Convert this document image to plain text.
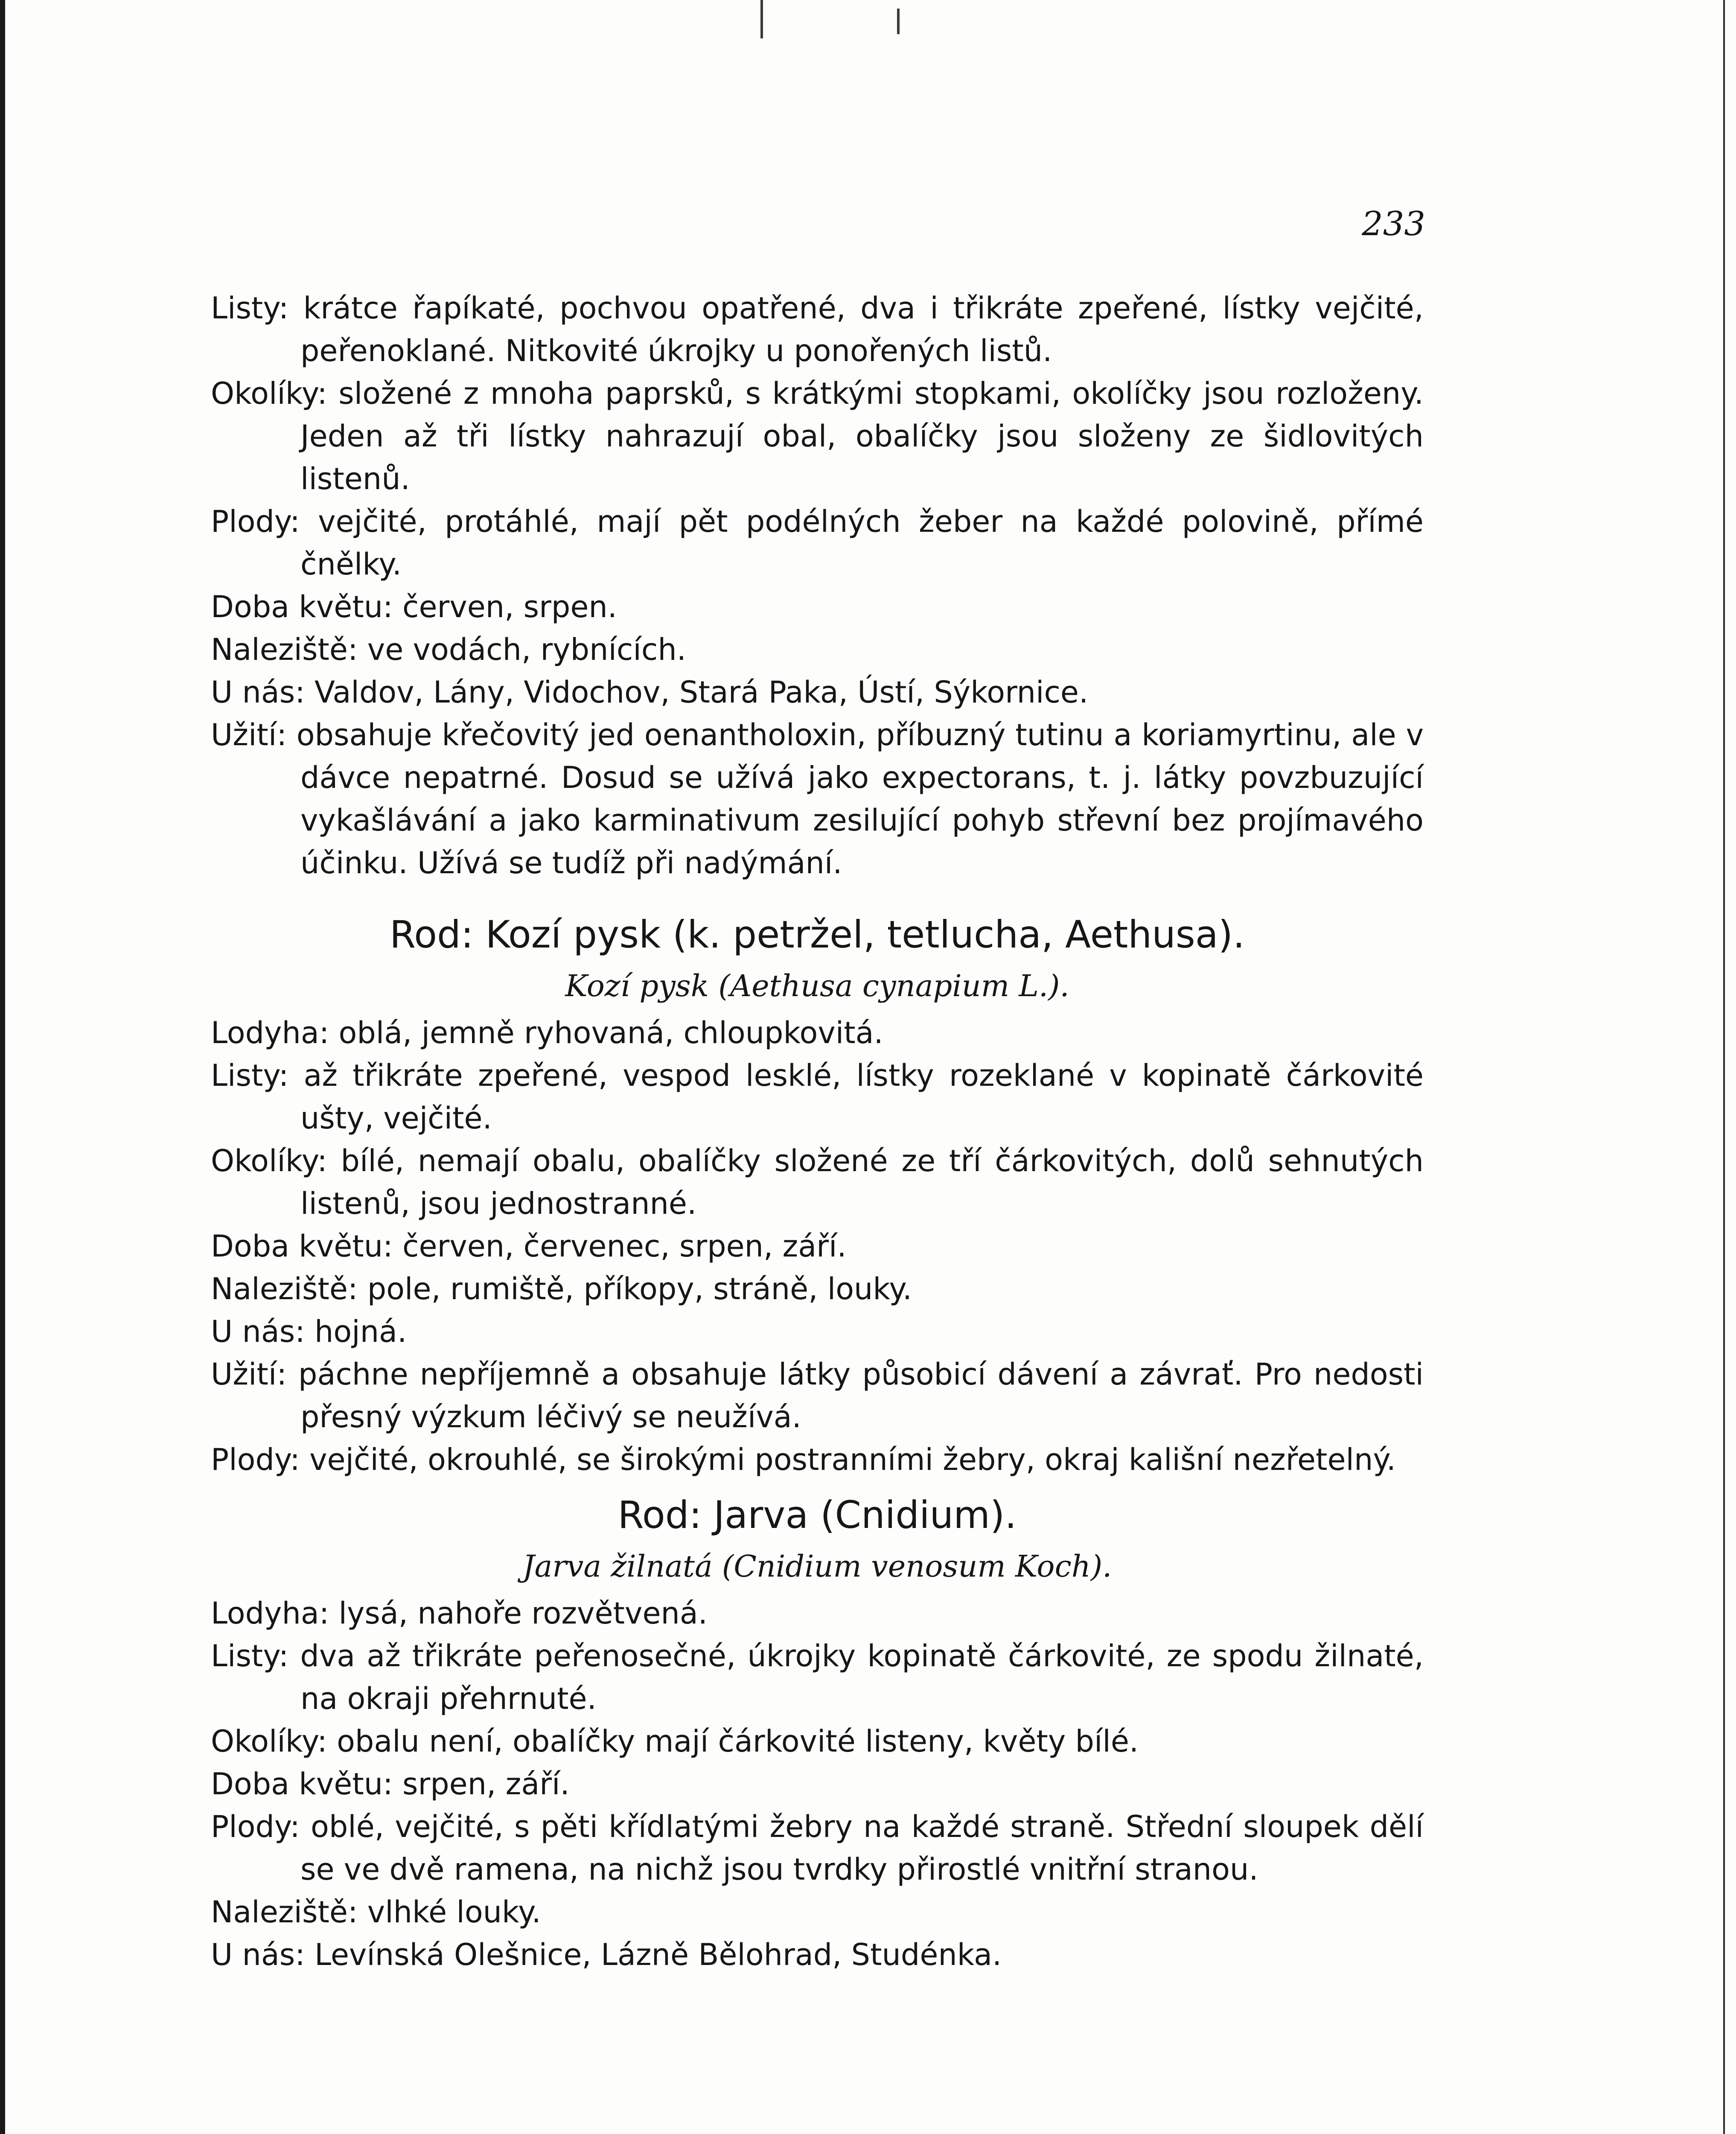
233

Listy: krátce řapíkaté, pochvou opatřené, dva i třikráte zpeřené, lístky vejčité, peřenoklané. Nitkovité úkrojky u ponořených listů.

Okolíky: složené z mnoha paprsků, s krátkými stopkami, okolíčky jsou rozloženy. Jeden až tři lístky nahrazují obal, obalíčky jsou složeny ze šidlovitých listenů.

Plody: vejčité, protáhlé, mají pět podélných žeber na každé polovině, přímé čnělky.

Doba květu: červen, srpen.

Naleziště: ve vodách, rybnících.

U nás: Valdov, Lány, Vidochov, Stará Paka, Ústí, Sýkornice.

Užití: obsahuje křečovitý jed oenantholoxin, příbuzný tutinu a koriamyrtinu, ale v dávce nepatrné. Dosud se užívá jako expectorans, t. j. látky povzbuzující vykašlávání a jako karminativum zesilující pohyb střevní bez projímavého účinku. Užívá se tudíž při nadýmání.

Rod: Kozí pysk (k. petržel, tetlucha, Aethusa).
Kozí pysk (Aethusa cynapium L.).

Lodyha: oblá, jemně ryhovaná, chloupkovitá.

Listy: až třikráte zpeřené, vespod lesklé, lístky rozeklané v kopinatě čárkovité ušty, vejčité.

Okolíky: bílé, nemají obalu, obalíčky složené ze tří čárkovitých, dolů sehnutých listenů, jsou jednostranné.

Doba květu: červen, červenec, srpen, září.

Naleziště: pole, rumiště, příkopy, stráně, louky.

U nás: hojná.

Užití: páchne nepříjemně a obsahuje látky působicí dávení a závrať. Pro nedosti přesný výzkum léčivý se neužívá.

Plody: vejčité, okrouhlé, se širokými postranními žebry, okraj kališní nezřetelný.

Rod: Jarva (Cnidium).
Jarva žilnatá (Cnidium venosum Koch).

Lodyha: lysá, nahoře rozvětvená.

Listy: dva až třikráte peřenosečné, úkrojky kopinatě čárkovité, ze spodu žilnaté, na okraji přehrnuté.

Okolíky: obalu není, obalíčky mají čárkovité listeny, květy bílé.

Doba květu: srpen, září.

Plody: oblé, vejčité, s pěti křídlatými žebry na každé straně. Střední sloupek dělí se ve dvě ramena, na nichž jsou tvrdky přirostlé vnitřní stranou.

Naleziště: vlhké louky.

U nás: Levínská Olešnice, Lázně Bělohrad, Studénka.
